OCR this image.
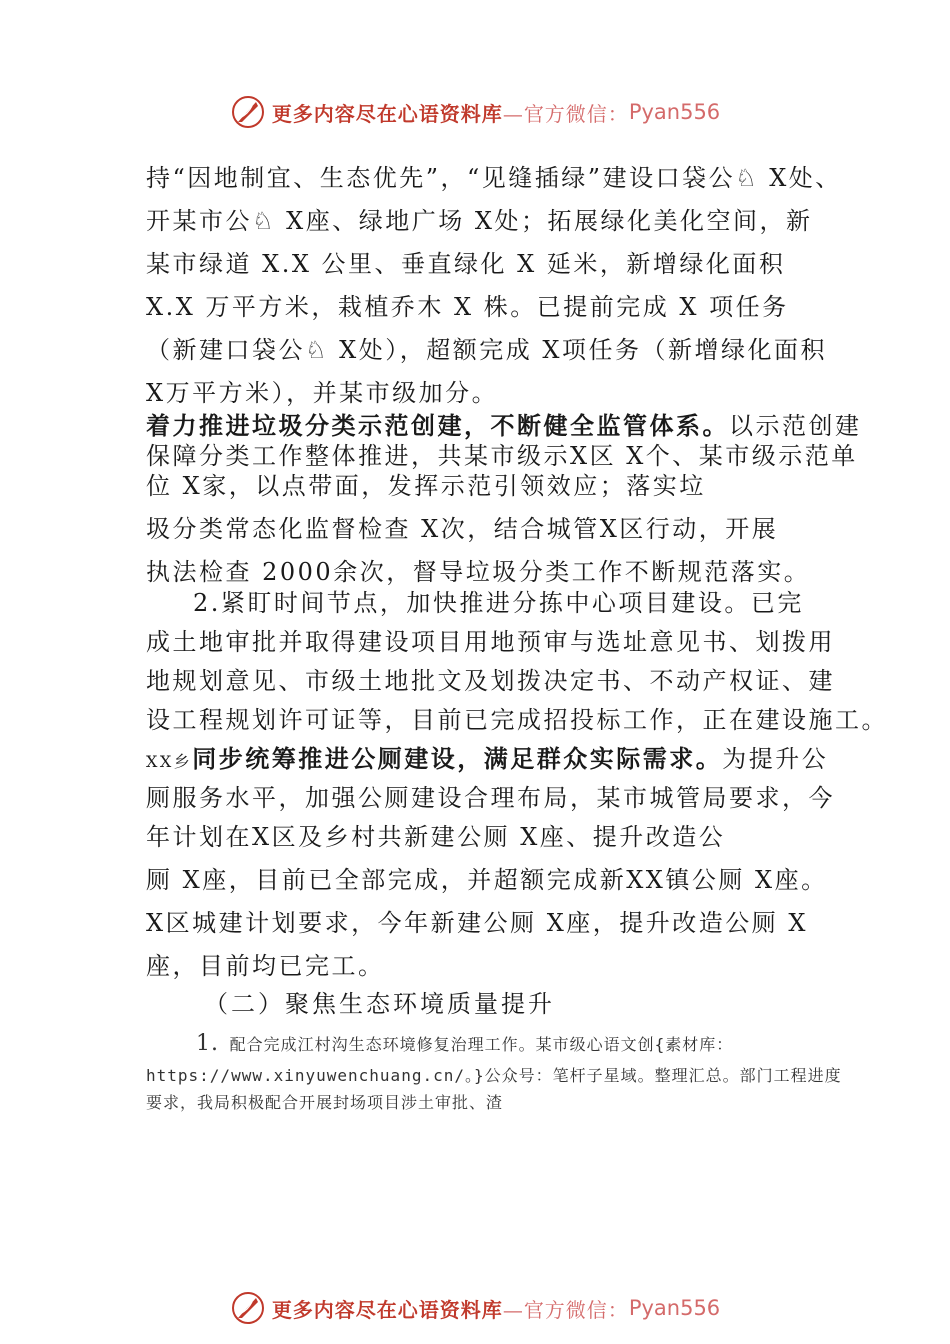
更多内容尽在心语资料库 —官方微信： Pyan556
持“因地制宜、生态优先”，“见缝插绿”建设口袋公♘ X处、
开某市公♘ X座、绿地广场 X处；拓展绿化美化空间，新
某市绿道 X.X 公里、垂直绿化 X 延米，新增绿化面积
X.X 万平方米，栽植乔木 X 株。已提前完成 X 项任务
（新建口袋公♘ X处），超额完成 X项任务（新增绿化面积
X万平方米），并某市级加分。
着力推进垃圾分类示范创建，不断健全监管体系。以示范创建
保障分类工作整体推进，共某市级示X区 X个、某市级示范单
位 X家，以点带面，发挥示范引领效应；落实垃
圾分类常态化监督检查 X次，结合城管X区行动，开展
执法检查 2000余次，督导垃圾分类工作不断规范落实。
2.紧盯时间节点，加快推进分拣中心项目建设。已完
成土地审批并取得建设项目用地预审与选址意见书、划拨用
地规划意见、市级土地批文及划拨决定书、不动产权证、建
设工程规划许可证等，目前已完成招投标工作，正在建设施工。
XX乡同步统筹推进公厕建设，满足群众实际需求。为提升公
厕服务水平，加强公厕建设合理布局，某市城管局要求，今
年计划在X区及乡村共新建公厕 X座、提升改造公
厕 X座，目前已全部完成，并超额完成新XX镇公厕 X座。
X区城建计划要求，今年新建公厕 X座，提升改造公厕 X
座，目前均已完工。
（二）聚焦生态环境质量提升
1. 配合完成江村沟生态环境修复治理工作。某市级心语文创{素材库：
https://www.xinyuwenchuang.cn/。}公众号：笔杆子星域。整理汇总。部门工程进度
要求，我局积极配合开展封场项目涉土审批、渣
更多内容尽在心语资料库 —官方微信： Pyan556
